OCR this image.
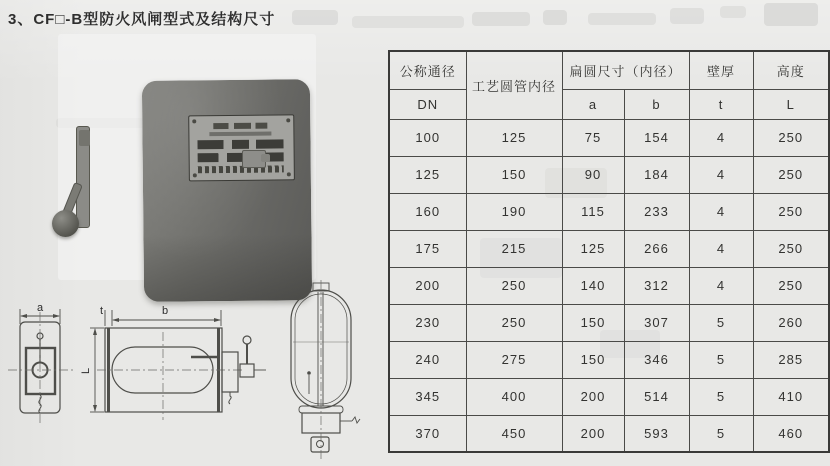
3、CF□-B型防火风闸型式及结构尺寸
a	t	b
L
公称通径	工艺圆管内径	扁圆尺寸（内径）		壁厚	高度
DN		a	b	t	L
100	125	75	154	4	250
125	150	90	184	4	250
160	190	115	233	4	250
175	215	125	266	4	250
200	250	140	312	4	250
230	250	150	307	5	260
240	275	150	346	5	285
345	400	200	514	5	410
370	450	200	593	5	460
